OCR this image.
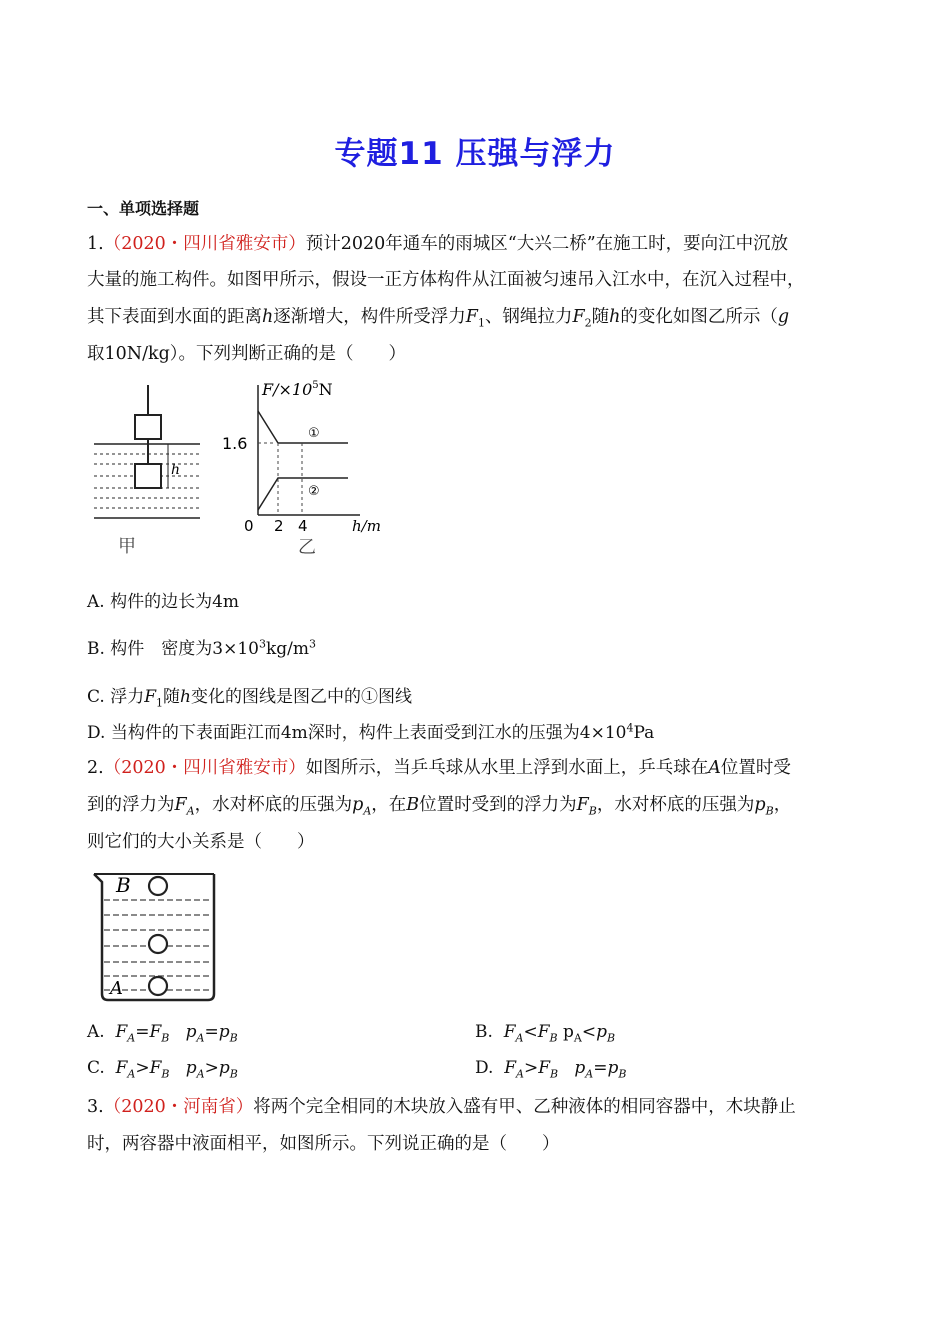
专题11 压强与浮力
一、单项选择题
1.（2020・四川省雅安市）预计2020年通车的雨城区“大兴二桥”在施工时，要向江中沉放
大量的施工构件。如图甲所示，假设一正方体构件从江面被匀速吊入江水中，在沉入过程中，
其下表面到水面的距离h逐渐增大，构件所受浮力$F_1$、钢绳拉力$F_2$随h的变化如图乙所示（g
取10N/kg）。下列判断正确的是（　　）
h
甲
$F/\times 10^5N$
1.6
①
②
0 2 4	h/m
乙
A. 构件的边长为4m
B. 构件　密度为$3\times 10^3kg/m^3$
C. 浮力$F_1$随h变化的图线是图乙中的①图线
D. 当构件的下表面距江而4m深时，构件上表面受到江水的压强为$4\times 10^4Pa$
2.（2020・四川省雅安市）如图所示，当乒乓球从水里上浮到水面上，乒乓球在A位置时受
到的浮力为$F_A$，水对杯底的压强为$p_A$，在B位置时受到的浮力为$F_B$，水对杯底的压强为$p_B$，
则它们的大小关系是（　　）
B
A
A. $F_A=F_B$ $p_A=p_B$	B. $F_A<F_B$ $p_A<p_B$
C. $F_A>F_B$ $p_A>p_B$	D. $F_A>F_B$ $p_A=p_B$
3.（2020・河南省）将两个完全相同的木块放入盛有甲、乙种液体的相同容器中，木块静止
时，两容器中液面相平，如图所示。下列说正确的是（　　）
